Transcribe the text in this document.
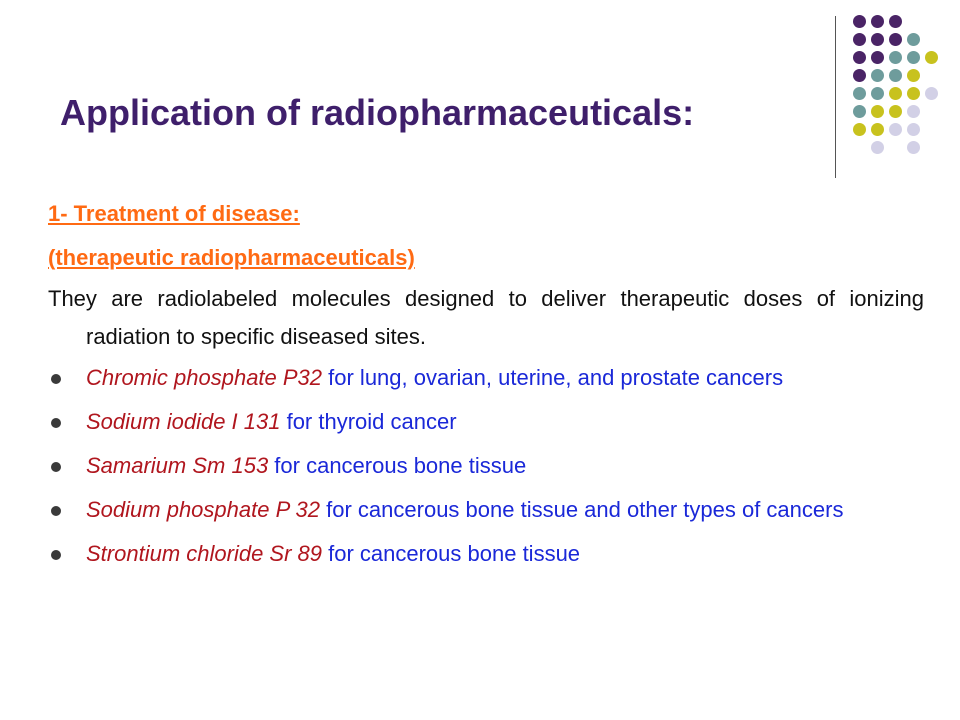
Application of radiopharmaceuticals:

1- Treatment of disease:

(therapeutic radiopharmaceuticals)

They are radiolabeled molecules designed to deliver therapeutic doses of ionizing radiation to specific diseased sites.

Chromic phosphate P32 for lung, ovarian, uterine, and prostate cancers
Sodium iodide I 131 for thyroid cancer
Samarium Sm 153 for cancerous bone tissue
Sodium phosphate P 32 for cancerous bone tissue and other types of cancers
Strontium chloride Sr 89 for cancerous bone tissue
